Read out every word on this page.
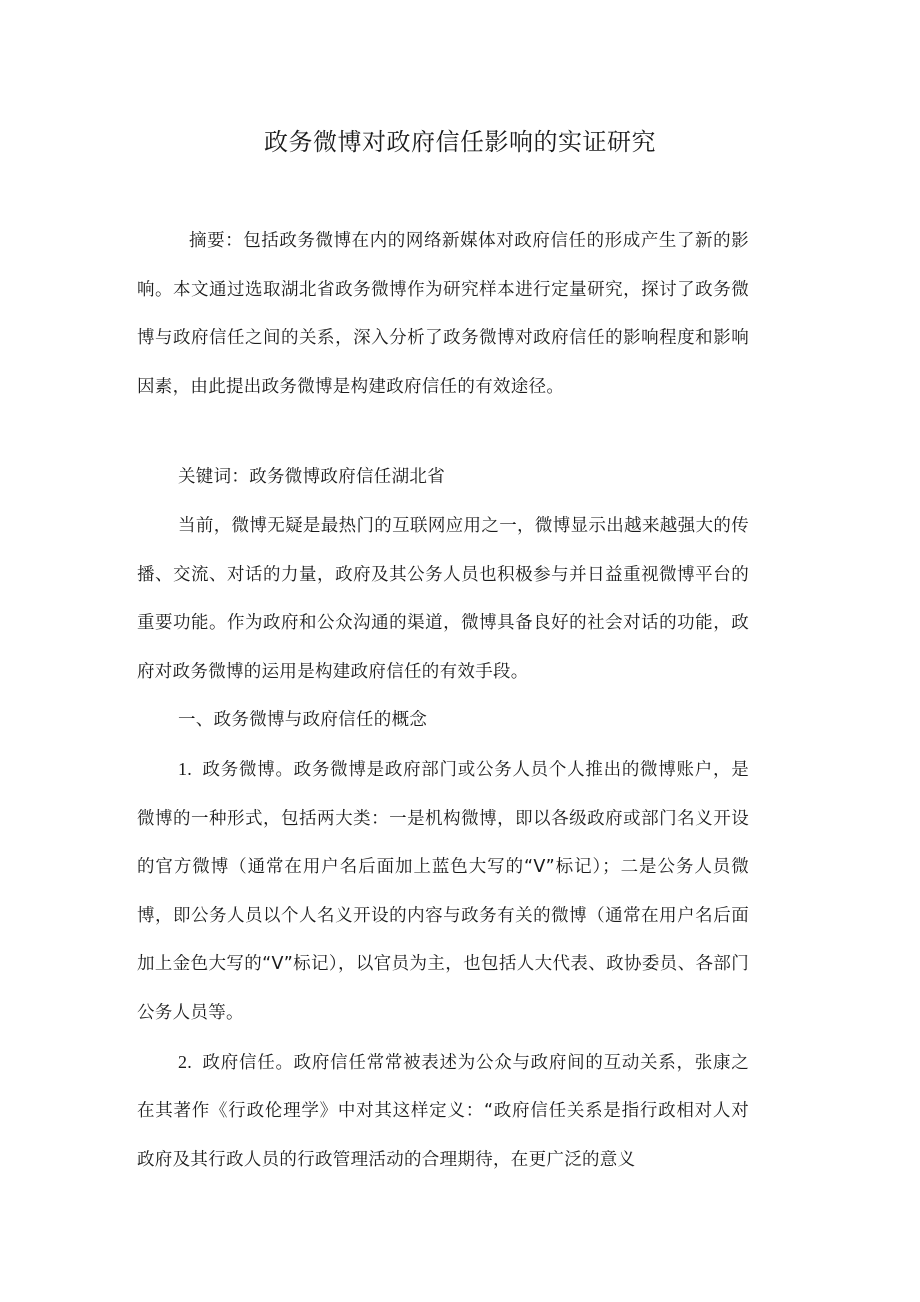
政务微博对政府信任影响的实证研究

摘要：包括政务微博在内的网络新媒体对政府信任的形成产生了新的影响。本文通过选取湖北省政务微博作为研究样本进行定量研究，探讨了政务微博与政府信任之间的关系，深入分析了政务微博对政府信任的影响程度和影响因素，由此提出政务微博是构建政府信任的有效途径。

关键词：政务微博政府信任湖北省

当前，微博无疑是最热门的互联网应用之一，微博显示出越来越强大的传播、交流、对话的力量，政府及其公务人员也积极参与并日益重视微博平台的重要功能。作为政府和公众沟通的渠道，微博具备良好的社会对话的功能，政府对政务微博的运用是构建政府信任的有效手段。

一、政务微博与政府信任的概念

1. 政务微博。政务微博是政府部门或公务人员个人推出的微博账户，是微博的一种形式，包括两大类：一是机构微博，即以各级政府或部门名义开设的官方微博（通常在用户名后面加上蓝色大写的“V”标记）；二是公务人员微博，即公务人员以个人名义开设的内容与政务有关的微博（通常在用户名后面加上金色大写的“V”标记），以官员为主，也包括人大代表、政协委员、各部门公务人员等。

2. 政府信任。政府信任常常被表述为公众与政府间的互动关系，张康之在其著作《行政伦理学》中对其这样定义：“政府信任关系是指行政相对人对政府及其行政人员的行政管理活动的合理期待，在更广泛的意义
